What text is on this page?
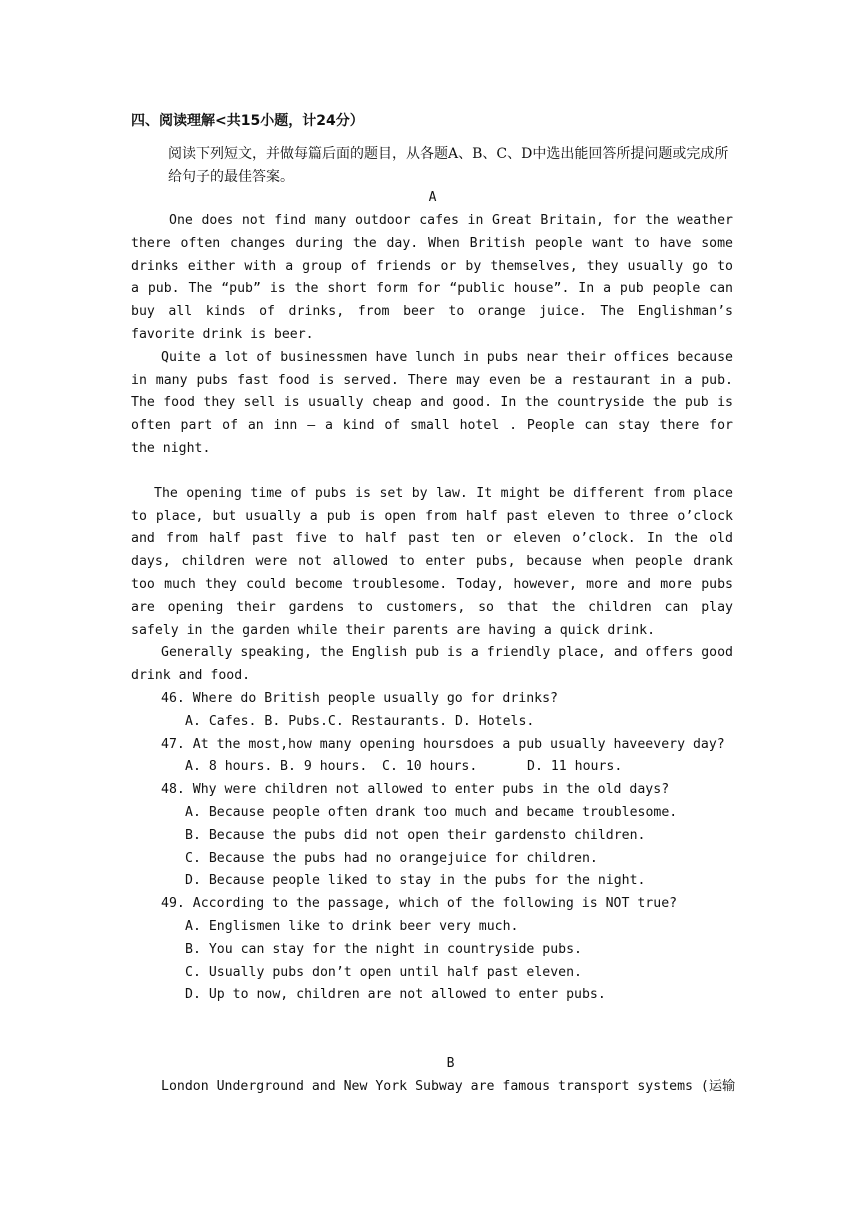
四、阅读理解<共15小题，计24分）
阅读下列短文，并做每篇后面的题目，从各题A、B、C、D中选出能回答所提问题或完成所给句子的最佳答案。
A

One does not find many outdoor cafes in Great Britain, for the weather there often changes during the day. When British people want to have some drinks either with a group of friends or by themselves, they usually go to a pub. The “pub” is the short form for “public house”. In a pub people can buy all kinds of drinks, from beer to orange juice. The Englishman’s favorite drink is beer.

Quite a lot of businessmen have lunch in pubs near their offices because in many pubs fast food is served. There may even be a restaurant in a pub. The food they sell is usually cheap and good. In the countryside the pub is often part of an inn – a kind of small hotel . People can stay there for the night.

The opening time of pubs is set by law. It might be different from place to place, but usually a pub is open from half past eleven to three o’clock and from half past five to half past ten or eleven o’clock. In the old days, children were not allowed to enter pubs, because when people drank too much they could become troublesome. Today, however, more and more pubs are opening their gardens to customers, so that the children can play safely in the garden while their parents are having a quick drink.

Generally speaking, the English pub is a friendly place, and offers good drink and food.

46. Where do British people usually go for drinks?

A. Cafes. B. Pubs.C. Restaurants. D. Hotels.

47. At the most,how many opening hoursdoes a pub usually haveevery day?

A. 8 hours. B. 9 hours. C. 10 hours.	D. 11 hours.

48. Why were children not allowed to enter pubs in the old days?

A. Because people often drank too much and became troublesome.

B. Because the pubs did not open their gardensto children.

C. Because the pubs had no orangejuice for children.

D. Because people liked to stay in the pubs for the night.

49. According to the passage, which of the following is NOT true?

A. Englismen like to drink beer very much.

B. You can stay for the night in countryside pubs.

C. Usually pubs don’t open until half past eleven.

D. Up to now, children are not allowed to enter pubs.

B

London Underground and New York Subway are famous transport systems (运输
